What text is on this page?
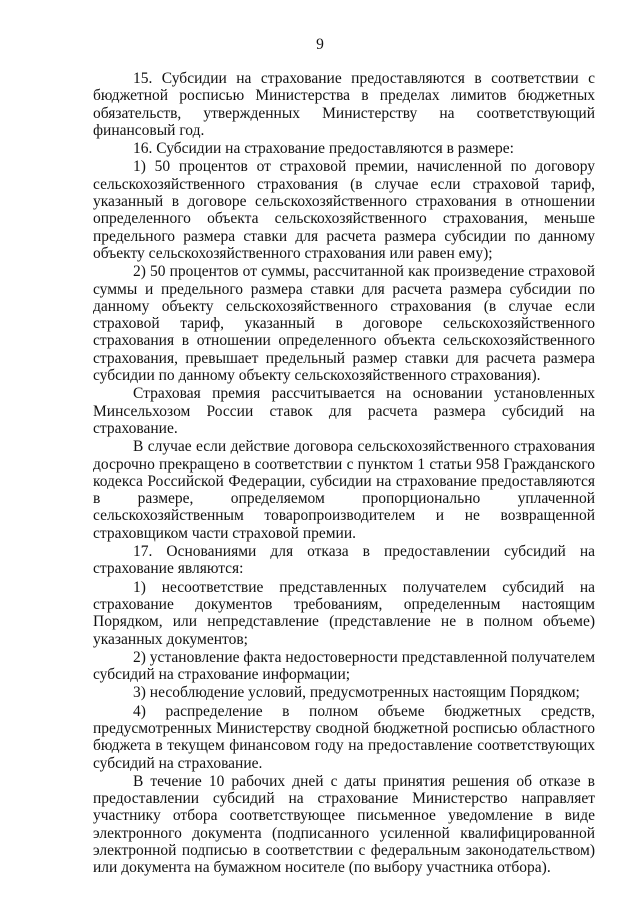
9

15. Субсидии на страхование предоставляются в соответствии с бюджетной росписью Министерства в пределах лимитов бюджетных обязательств, утвержденных Министерству на соответствующий финансовый год.

16. Субсидии на страхование предоставляются в размере:

1) 50 процентов от страховой премии, начисленной по договору сельскохозяйственного страхования (в случае если страховой тариф, указанный в договоре сельскохозяйственного страхования в отношении определенного объекта сельскохозяйственного страхования, меньше предельного размера ставки для расчета размера субсидии по данному объекту сельскохозяйственного страхования или равен ему);

2) 50 процентов от суммы, рассчитанной как произведение страховой суммы и предельного размера ставки для расчета размера субсидии по данному объекту сельскохозяйственного страхования (в случае если страховой тариф, указанный в договоре сельскохозяйственного страхования в отношении определенного объекта сельскохозяйственного страхования, превышает предельный размер ставки для расчета размера субсидии по данному объекту сельскохозяйственного страхования).

Страховая премия рассчитывается на основании установленных Минсельхозом России ставок для расчета размера субсидий на страхование.

В случае если действие договора сельскохозяйственного страхования досрочно прекращено в соответствии с пунктом 1 статьи 958 Гражданского кодекса Российской Федерации, субсидии на страхование предоставляются в размере, определяемом пропорционально уплаченной сельскохозяйственным товаропроизводителем и не возвращенной страховщиком части страховой премии.

17. Основаниями для отказа в предоставлении субсидий на страхование являются:

1) несоответствие представленных получателем субсидий на страхование документов требованиям, определенным настоящим Порядком, или непредставление (представление не в полном объеме) указанных документов;

2) установление факта недостоверности представленной получателем субсидий на страхование информации;

3) несоблюдение условий, предусмотренных настоящим Порядком;

4) распределение в полном объеме бюджетных средств, предусмотренных Министерству сводной бюджетной росписью областного бюджета в текущем финансовом году на предоставление соответствующих субсидий на страхование.

В течение 10 рабочих дней с даты принятия решения об отказе в предоставлении субсидий на страхование Министерство направляет участнику отбора соответствующее письменное уведомление в виде электронного документа (подписанного усиленной квалифицированной электронной подписью в соответствии с федеральным законодательством) или документа на бумажном носителе (по выбору участника отбора).
